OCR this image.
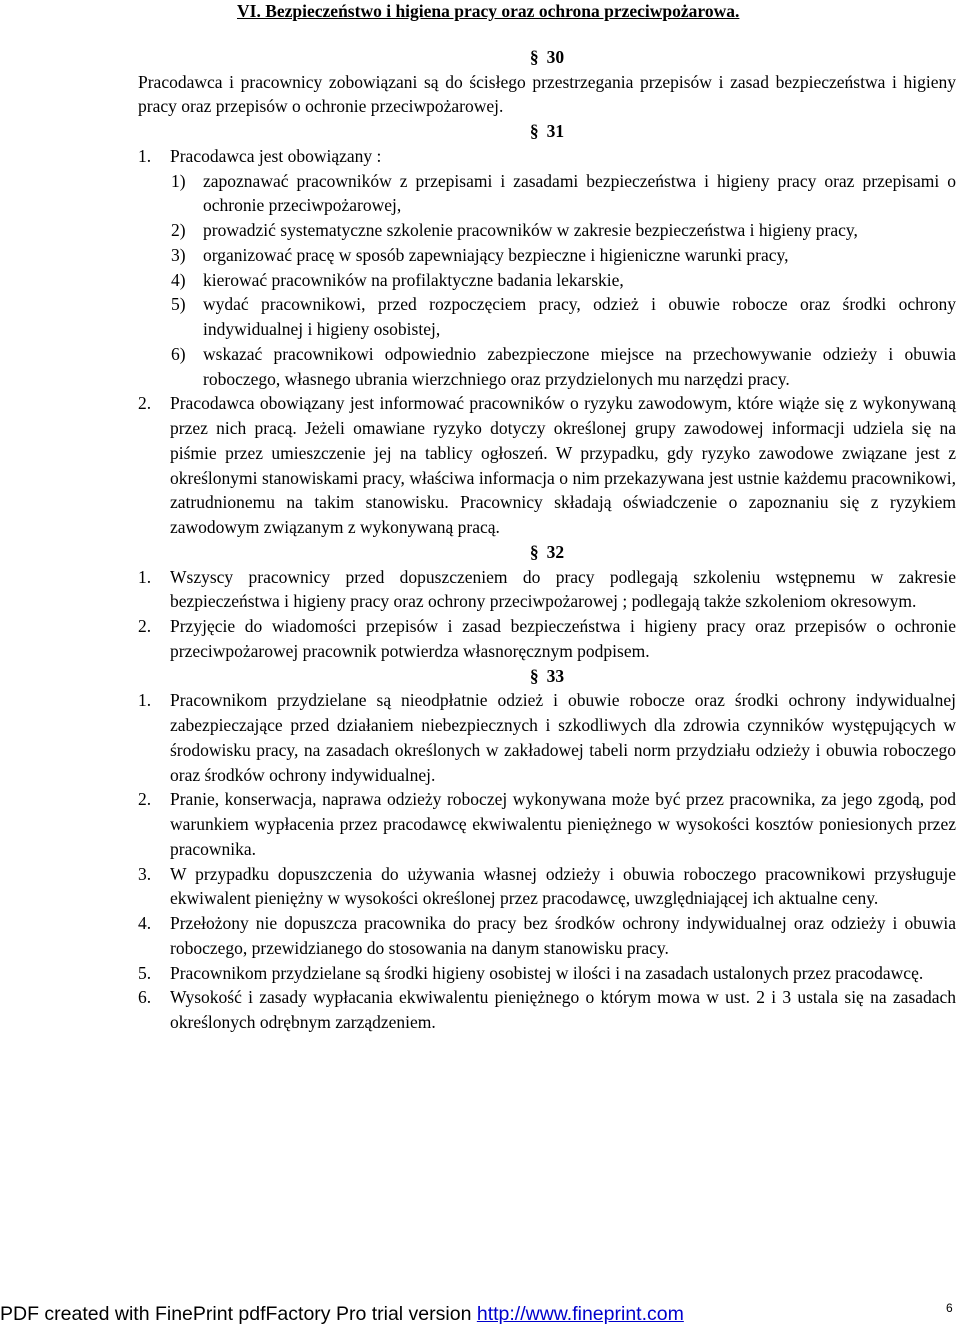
VI. Bezpieczeństwo i higiena pracy oraz ochrona przeciwpożarowa.

§ 30

Pracodawca i pracownicy zobowiązani są do ścisłego przestrzegania przepisów i zasad bezpieczeństwa i higieny pracy oraz przepisów o ochronie przeciwpożarowej.

§ 31

1. Pracodawca jest obowiązany :

1) zapoznawać pracowników z przepisami i zasadami bezpieczeństwa i higieny pracy oraz przepisami o ochronie przeciwpożarowej,

2) prowadzić systematyczne szkolenie pracowników w zakresie bezpieczeństwa i higieny pracy,

3) organizować pracę w sposób zapewniający bezpieczne i higieniczne warunki pracy,

4) kierować pracowników na profilaktyczne badania lekarskie,

5) wydać pracownikowi, przed rozpoczęciem pracy, odzież i obuwie robocze oraz środki ochrony indywidualnej i higieny osobistej,

6) wskazać pracownikowi odpowiednio zabezpieczone miejsce na przechowywanie odzieży i obuwia roboczego, własnego ubrania wierzchniego oraz przydzielonych mu narzędzi pracy.

2. Pracodawca obowiązany jest informować pracowników o ryzyku zawodowym, które wiąże się z wykonywaną przez nich pracą. Jeżeli omawiane ryzyko dotyczy określonej grupy zawodowej informacji udziela się na piśmie przez umieszczenie jej na tablicy ogłoszeń. W przypadku, gdy ryzyko zawodowe związane jest z określonymi stanowiskami pracy, właściwa informacja o nim przekazywana jest ustnie każdemu pracownikowi, zatrudnionemu na takim stanowisku. Pracownicy składają oświadczenie o zapoznaniu się z ryzykiem zawodowym związanym z wykonywaną pracą.

§ 32

1. Wszyscy pracownicy przed dopuszczeniem do pracy podlegają szkoleniu wstępnemu w zakresie bezpieczeństwa i higieny pracy oraz ochrony przeciwpożarowej ; podlegają także szkoleniom okresowym.

2. Przyjęcie do wiadomości przepisów i zasad bezpieczeństwa i higieny pracy oraz przepisów o ochronie przeciwpożarowej pracownik potwierdza własnoręcznym podpisem.

§ 33

1. Pracownikom przydzielane są nieodpłatnie odzież i obuwie robocze oraz środki ochrony indywidualnej zabezpieczające przed działaniem niebezpiecznych i szkodliwych dla zdrowia czynników występujących w środowisku pracy, na zasadach określonych w zakładowej tabeli norm przydziału odzieży i obuwia roboczego oraz środków ochrony indywidualnej.

2. Pranie, konserwacja, naprawa odzieży roboczej wykonywana może być przez pracownika, za jego zgodą, pod warunkiem wypłacenia przez pracodawcę ekwiwalentu pieniężnego w wysokości kosztów poniesionych przez pracownika.

3. W przypadku dopuszczenia do używania własnej odzieży i obuwia roboczego pracownikowi przysługuje ekwiwalent pieniężny w wysokości określonej przez pracodawcę, uwzględniającej ich aktualne ceny.

4. Przełożony nie dopuszcza pracownika do pracy bez środków ochrony indywidualnej oraz odzieży i obuwia roboczego, przewidzianego do stosowania na danym stanowisku pracy.

5. Pracownikom przydzielane są środki higieny osobistej w ilości i na zasadach ustalonych przez pracodawcę.

6. Wysokość i zasady wypłacania ekwiwalentu pieniężnego o którym mowa w ust. 2 i 3 ustala się na zasadach określonych odrębnym zarządzeniem.

PDF created with FinePrint pdfFactory Pro trial version http://www.fineprint.com	6
